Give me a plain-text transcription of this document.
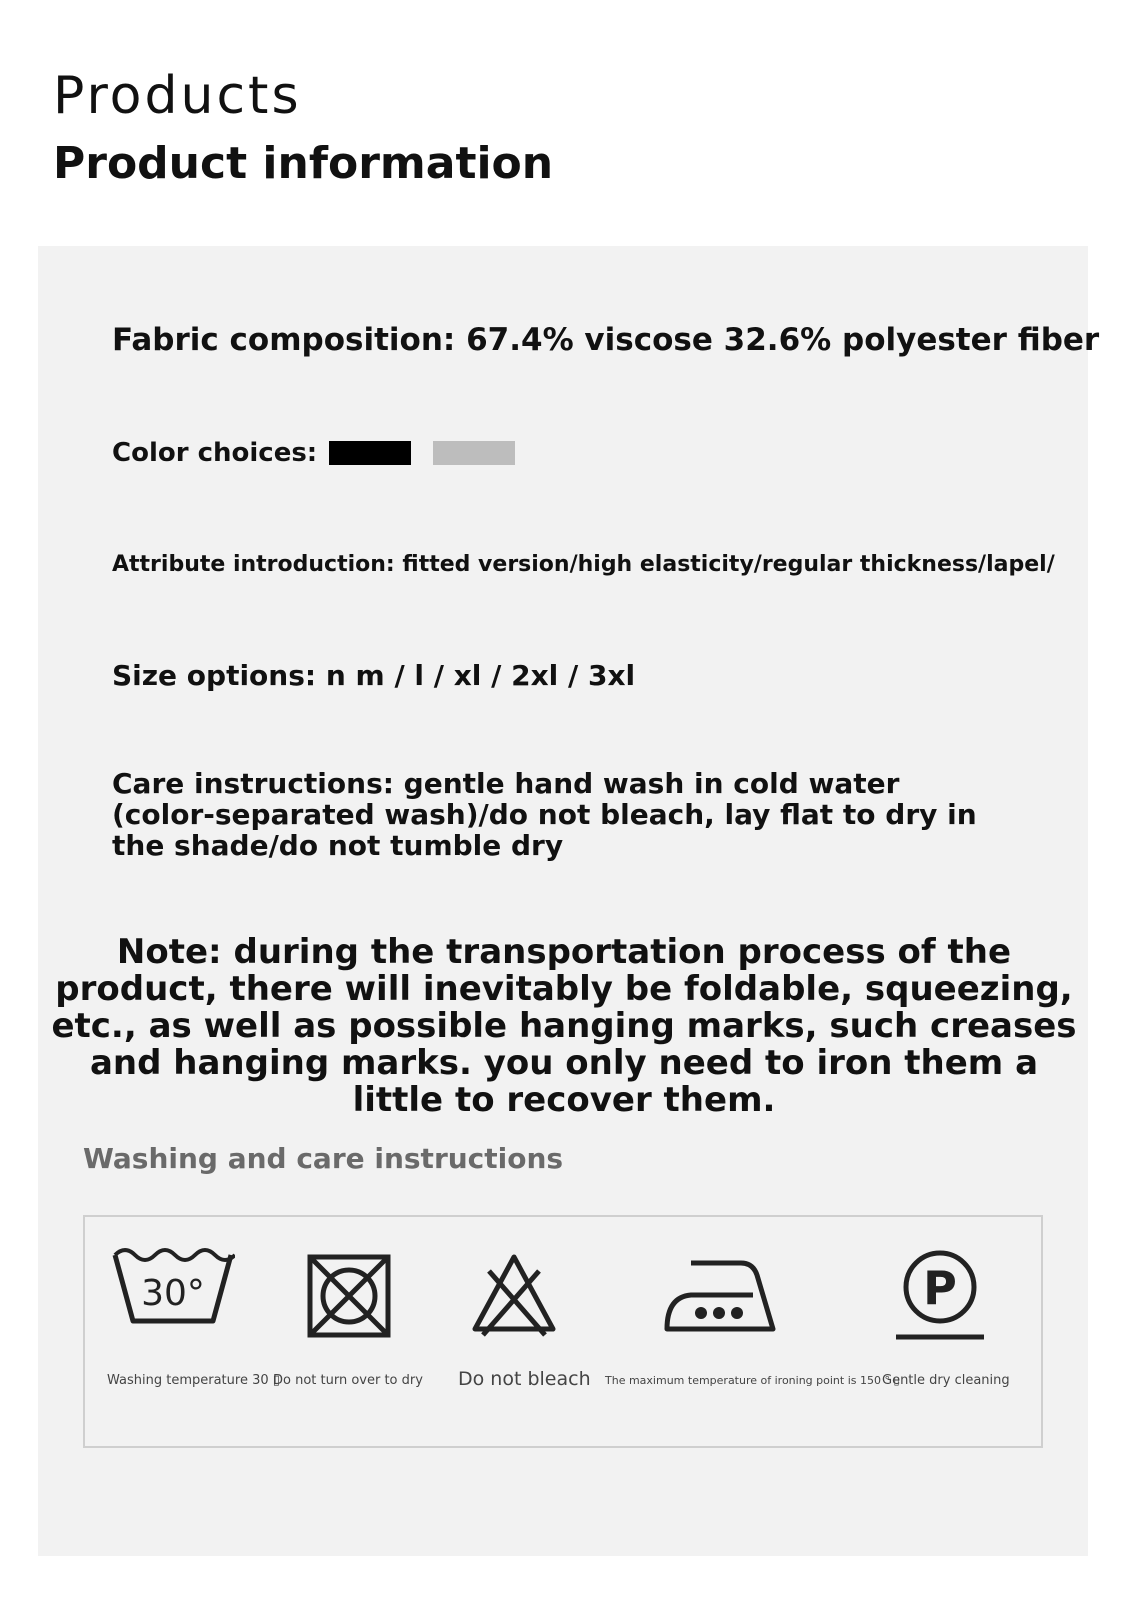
Products
Product information
Fabric composition: 67.4% viscose 32.6% polyester fiber
Color choices:
Attribute introduction: fitted version/high elasticity/regular thickness/lapel/
Size options: n m / l / xl / 2xl / 3xl
Care instructions: gentle hand wash in cold water (color-separated wash)/do not bleach, lay flat to dry in the shade/do not tumble dry
Note: during the transportation process of the product, there will inevitably be foldable, squeezing, etc., as well as possible hanging marks, such creases and hanging marks. you only need to iron them a little to recover them.
Washing and care instructions
30°	P
Washing temperature 30 ▯
Do not turn over to dry Do not bleach The maximum temperature of ironing point is 150 ° ▯
Gentle dry cleaning
